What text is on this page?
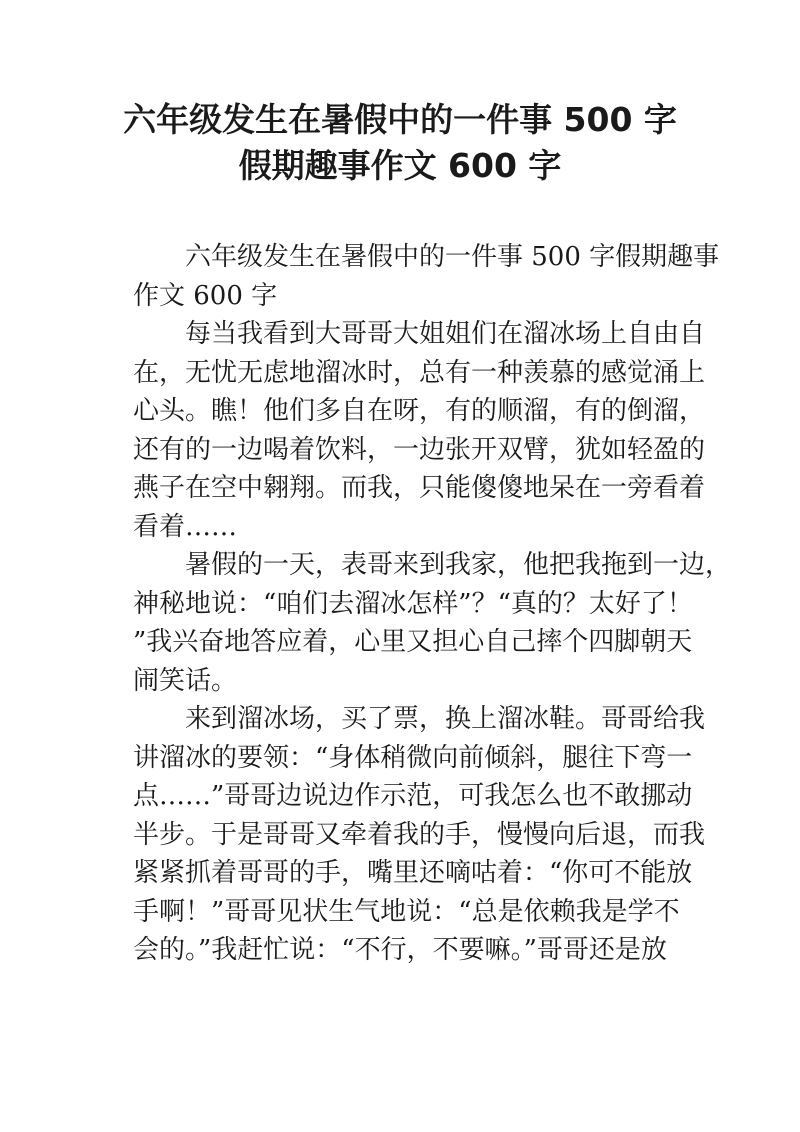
六年级发生在暑假中的一件事 500 字
假期趣事作文 600 字
六年级发生在暑假中的一件事 500 字假期趣事
作文 600 字
每当我看到大哥哥大姐姐们在溜冰场上自由自
在，无忧无虑地溜冰时，总有一种羡慕的感觉涌上
心头。瞧！他们多自在呀，有的顺溜，有的倒溜，
还有的一边喝着饮料，一边张开双臂，犹如轻盈的
燕子在空中翱翔。而我，只能傻傻地呆在一旁看着
看着……
暑假的一天，表哥来到我家，他把我拖到一边，
神秘地说：“咱们去溜冰怎样”？“真的？太好了！
”我兴奋地答应着，心里又担心自己摔个四脚朝天
闹笑话。
来到溜冰场，买了票，换上溜冰鞋。哥哥给我
讲溜冰的要领：“身体稍微向前倾斜，腿往下弯一
点……”哥哥边说边作示范，可我怎么也不敢挪动
半步。于是哥哥又牵着我的手，慢慢向后退，而我
紧紧抓着哥哥的手，嘴里还嘀咕着：“你可不能放
手啊！”哥哥见状生气地说：“总是依赖我是学不
会的。”我赶忙说：“不行，不要嘛。”哥哥还是放
